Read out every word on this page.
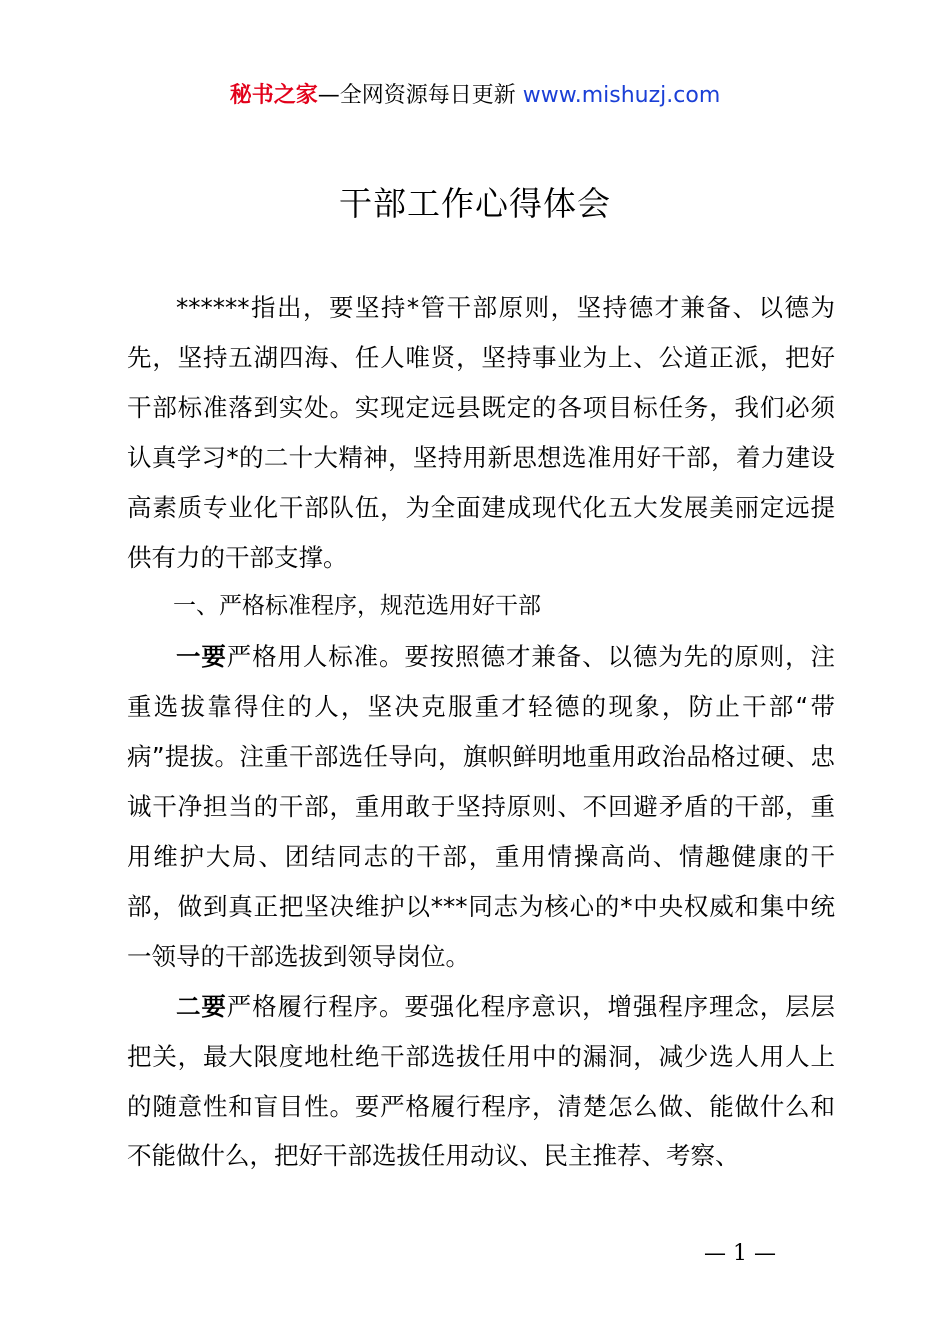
秘书之家—全网资源每日更新 www.mishuzj.com
干部工作心得体会

******指出，要坚持*管干部原则，坚持德才兼备、以德为先，坚持五湖四海、任人唯贤，坚持事业为上、公道正派，把好干部标准落到实处。实现定远县既定的各项目标任务，我们必须认真学习*的二十大精神，坚持用新思想选准用好干部，着力建设高素质专业化干部队伍，为全面建成现代化五大发展美丽定远提供有力的干部支撑。

一、严格标准程序，规范选用好干部

一要严格用人标准。要按照德才兼备、以德为先的原则，注重选拔靠得住的人，坚决克服重才轻德的现象，防止干部“带病”提拔。注重干部选任导向，旗帜鲜明地重用政治品格过硬、忠诚干净担当的干部，重用敢于坚持原则、不回避矛盾的干部，重用维护大局、团结同志的干部，重用情操高尚、情趣健康的干部，做到真正把坚决维护以***同志为核心的*中央权威和集中统一领导的干部选拔到领导岗位。

二要严格履行程序。要强化程序意识，增强程序理念，层层把关，最大限度地杜绝干部选拔任用中的漏洞，减少选人用人上的随意性和盲目性。要严格履行程序，清楚怎么做、能做什么和不能做什么，把好干部选拔任用动议、民主推荐、考察、

— 1 —
